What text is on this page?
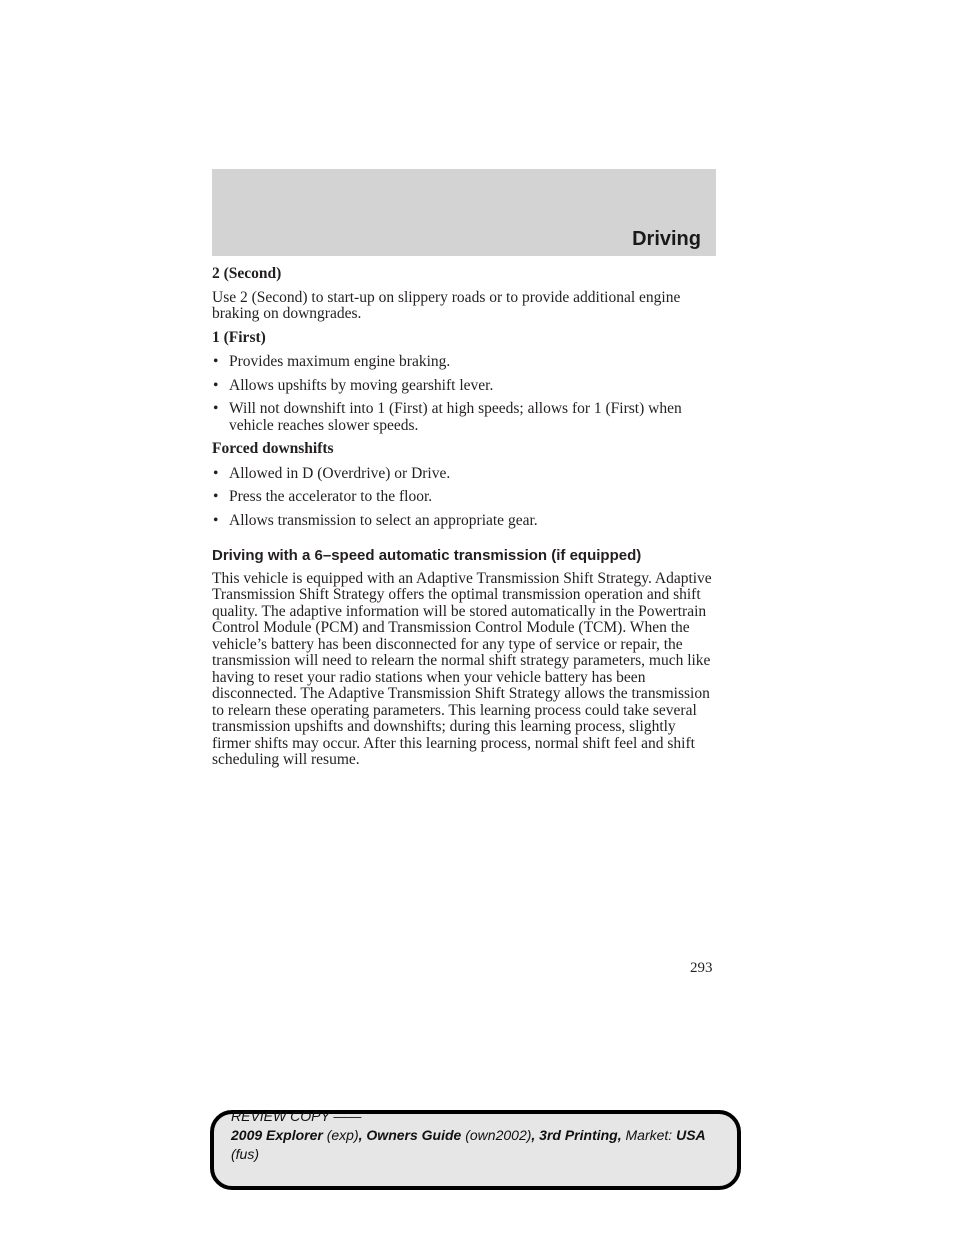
Driving

2 (Second)

Use 2 (Second) to start-up on slippery roads or to provide additional engine braking on downgrades.

1 (First)

• Provides maximum engine braking.
• Allows upshifts by moving gearshift lever.
• Will not downshift into 1 (First) at high speeds; allows for 1 (First) when vehicle reaches slower speeds.

Forced downshifts

• Allowed in D (Overdrive) or Drive.
• Press the accelerator to the floor.
• Allows transmission to select an appropriate gear.

Driving with a 6–speed automatic transmission (if equipped)

This vehicle is equipped with an Adaptive Transmission Shift Strategy. Adaptive Transmission Shift Strategy offers the optimal transmission operation and shift quality. The adaptive information will be stored automatically in the Powertrain Control Module (PCM) and Transmission Control Module (TCM). When the vehicle’s battery has been disconnected for any type of service or repair, the transmission will need to relearn the normal shift strategy parameters, much like having to reset your radio stations when your vehicle battery has been disconnected. The Adaptive Transmission Shift Strategy allows the transmission to relearn these operating parameters. This learning process could take several transmission upshifts and downshifts; during this learning process, slightly firmer shifts may occur. After this learning process, normal shift feel and shift scheduling will resume.

293
REVIEW COPY ——
2009 Explorer (exp), Owners Guide (own2002), 3rd Printing, Market: USA (fus)
